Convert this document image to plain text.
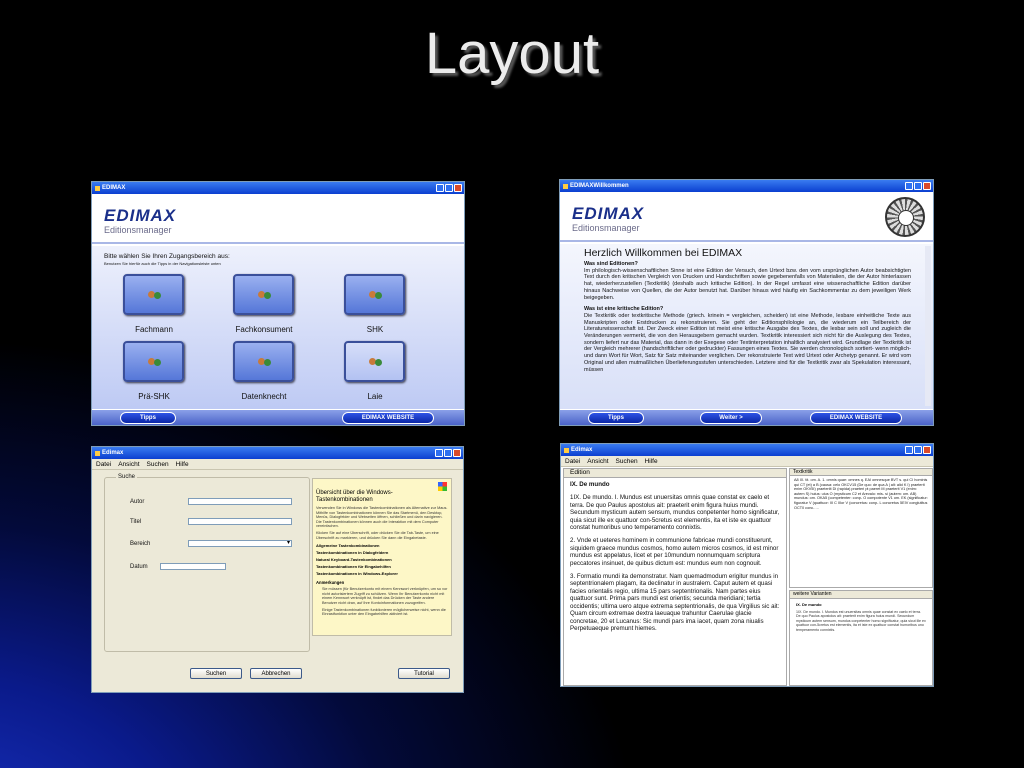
Layout
EDIMAX
EDIMAX
Editionsmanager
Bitte wählen Sie Ihren Zugangsbereich aus:
Benutzen Sie hierfür auch die Tipps in der Navigationsleiste unten
Fachmann	Fachkonsument	SHK
Prä-SHK	Datenknecht	Laie
Tipps	EDIMAX WEBSITE
EDIMAXWillkommen
EDIMAX
Editionsmanager
Herzlich Willkommen bei EDIMAX
Was sind Editionen?
Im philologisch-wissenschaftlichen Sinne ist eine Edition der Versuch, den Urtext bzw. den vom ursprünglichen Autor beabsichtigten Text durch den kritischen Vergleich von Drucken und Handschriften sowie gegebenenfalls von Materialien, die der Autor hinterlassen hat, wiederherzustellen (Textkritik) (deshalb auch kritische Edition). In der Regel umfasst eine wissenschaftliche Edition darüber hinaus Nachweise von Quellen, die der Autor benutzt hat. Darüber hinaus wird häufig ein Sachkommentar zu dem jeweiligen Werk beigegeben.
Was ist eine kritische Edition?
Die Textkritik oder textkritische Methode (griech. krinein = vergleichen, scheiden) ist eine Methode, lesbare einheitliche Texte aus Manuskripten oder Erstdrucken zu rekonstruieren. Sie geht der Editionsphilologie an, die wiederum ein Teilbereich der Literaturwissenschaft ist. Der Zweck einer Edition ist meist eine kritische Ausgabe des Textes, die lesbar sein soll und zugleich die Veränderungen vermerkt, die von den Herausgebern gemacht wurden. Textkritik interessiert sich nicht für die Auslegung des Textes, sondern liefert nur das Material, das dann in der Exegese oder Textinterpretation inhaltlich analysiert wird. Grundlage der Textkritik ist der Vergleich mehrerer (handschriftlicher oder gedruckter) Fassungen eines Textes. Sie werden chronologisch sortiert- wenn möglich-und dann Wort für Wort, Satz für Satz miteinander verglichen. Der rekonstruierte Text wird Urtext oder Archetyp genannt. Er wird vom Original und allen mutmaßlichen Überlieferungsstufen unterschieden. Letztere sind für die Textkritik zwar als Spekulation interessant, müssen
Tipps	Weiter >	EDIMAX WEBSITE
Edimax
Datei Ansicht Suchen Hilfe
Suche
Autor
Titel
Bereich	▾
Datum
Übersicht über die Windows-Tastenkombinationen
Verwenden Sie in Windows die Tastenkombinationen als Alternative zur Maus. Mithilfe von Tastenkombinationen können Sie das Startmenü, den Desktop, Menüs, Dialogfelder und Webseiten öffnen, schließen und darin navigieren. Die Tastenkombinationen können auch die Interaktion mit dem Computer vereinfachen.
Klicken Sie auf eine Überschrift, oder drücken Sie die Tab-Taste, um eine Überschrift zu markieren, und drücken Sie dann die Eingabetaste.
Allgemeine Tastenkombinationen
Tastenkombinationen in Dialogfeldern
Natural Keyboard-Tastenkombinationen
Tastenkombinationen für Eingabehilfen
Tastenkombinationen in Windows-Explorer
Anmerkungen
Sie müssen (für Benutzerkonto mit einem Kennwort verknüpfen, um so vor nicht autorisiertem Zugriff zu schützen. Wenn Ihr Benutzerkonto nicht mit einem Kennwort verknüpft ist, findet das Drücken der Taste andere Benutzer nicht dran, auf Ihre Kontoinformationen zuzugreifen.
Einige Tastenkombinationen funktionieren möglicherweise nicht, wenn die Einrastfunktion unter den Eingabehilfen aktiviert ist.
Suchen	Abbrechen	Tutorial
Edimax
Datei Ansicht Suchen Hilfe
Edition
IX. De mundo
1IX. De mundo. I. Mundus est unuersitas omnis quae constat ex caelo et terra. De quo Paulus apostolus ait: praeterit enim figura huius mundi. Secundum mysticum autem sensum, mundus conpetenter homo significatur, quia sicut ille ex quattuor con-5cretus est elementis, ita et iste ex quattuor constat humoribus uno temperamento connixtis.
2. Vnde et ueteres hominem in communione fabricae mundi constituerunt, siquidem graece mundus cosmos, homo autem micros cosmos, id est minor mundus est appelatus, licet et per 10mundum nonnumquam scriptura peccatores insinuet, de quibus dictum est: mundus eum non cognouit.
3. Formatio mundi ita demonstratur. Nam quemadmodum erigitur mundus in septentrionalem plagam, ita declinatur in australem. Caput autem et quasi facies orientalis regio, ultima 15 pars septentrionalis. Nam partes eius quattuor sunt. Prima pars mundi est orientis; secunda meridiani; tertia occidentis; ultima uero atque extrema septentrionalis, de qua Virgilius sic ait: Quam circum extremae dextra laeuaque trahuntur Caerulae glacie concretae, 20 et Lucanus: Sic mundi pars ima iacet, quam zona niualis Perpetuaeque premunt hiemes.
Textkritik
A8 IX. tit. om. A. 1. omnis quae: omnes q. EAI omnesque BVT s. qui CI hominis qui CT (et) a B (causa: celo OKCV15 (De quo: de qua A | alt: alid K I) praeterit enim OKV5I) praeteriit Di (rapida) praeteri pt paeret M praeterit V1 (enim: autem S) huius: uius O (mysticum C2 et Arevalo: mis- si (autem: om. AB) mundus: om. OKA5 (competenter: conp- O compotente V1 om. EK (significatur: figuratur V (quattuor: III C IIIor V (concretus: conp- L concretus 5EIV conglutitus OCT0 conc- ...
weitere Varianten
IX. De mundo
1IX. De mundo. I. Mundus est unuersitas omnis quae constat ex caelo et terra. De quo Paulus apostolus ait: praeterit enim figura huius mundi. Secundum mysticum autem sensum, mundus conpetenter homo significatur, quia sicut ille ex quattuor con-5cretus est elementis, ita et iste ex quattuor constat humoribus uno temperamento connixtis.
